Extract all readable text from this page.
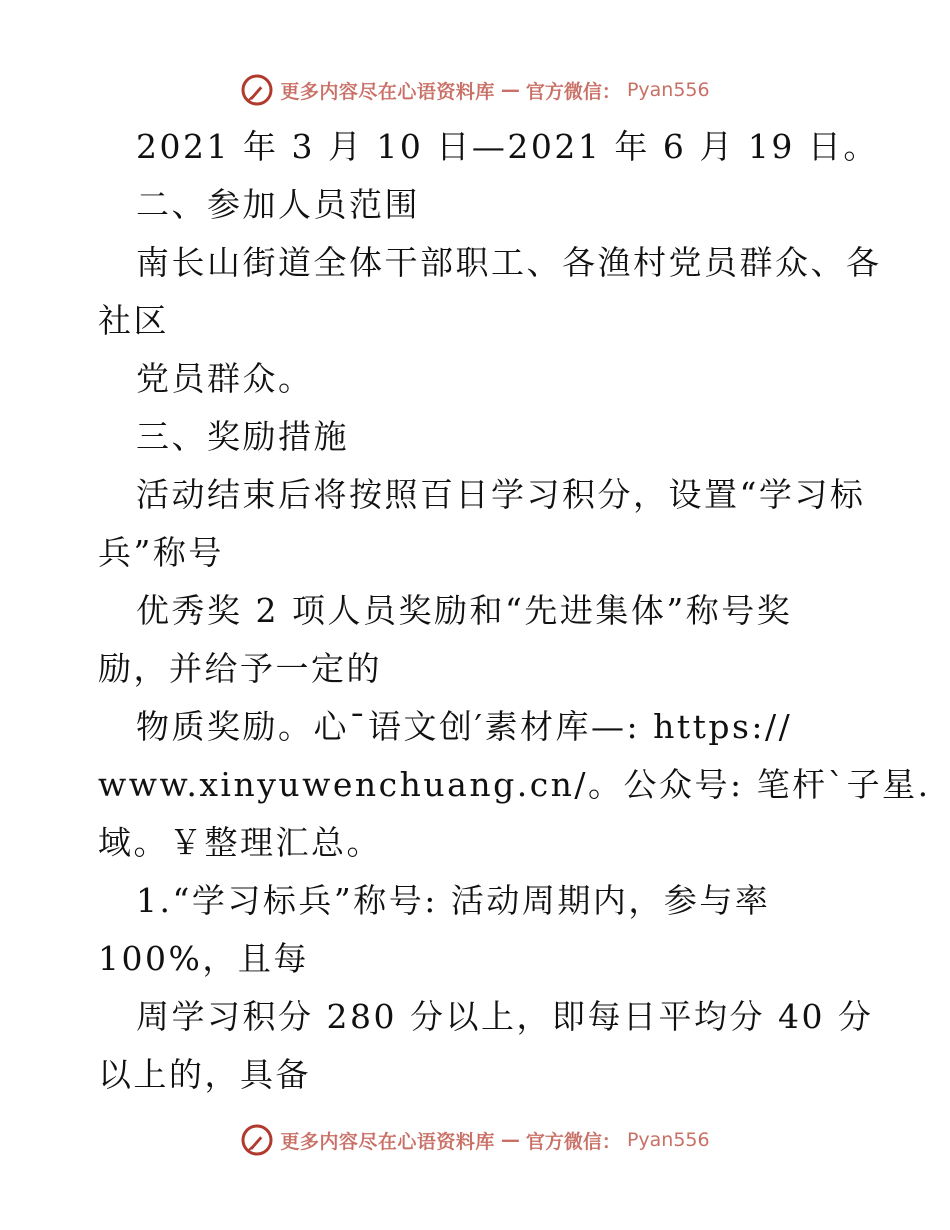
更多内容尽在心语资料库 — 官方微信： Pyan556
2021 年 3 月 10 日—2021 年 6 月 19 日。
二、参加人员范围
南长山街道全体干部职工、各渔村党员群众、各
社区
党员群众。
三、奖励措施
活动结束后将按照百日学习积分，设置“学习标
兵”称号
优秀奖 2 项人员奖励和“先进集体”称号奖
励，并给予一定的
物质奖励。心¯语文创′素材库—: https://
www.xinyuwenchuang.cn/。公众号: 笔杆`子星.
域。￥整理汇总。
1.“学习标兵”称号: 活动周期内，参与率
100%，且每
周学习积分 280 分以上，即每日平均分 40 分
以上的，具备
更多内容尽在心语资料库 — 官方微信： Pyan556
